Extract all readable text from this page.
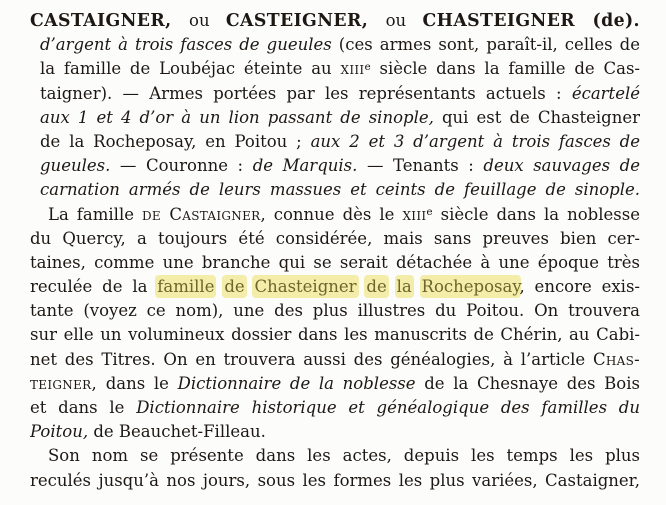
CASTAIGNER, ou CASTEIGNER, ou CHASTEIGNER (de).
d’argent à trois fasces de gueules (ces armes sont, paraît-il, celles de
la famille de Loubéjac éteinte au xiii$^e$ siècle dans la famille de Cas-
taigner). — Armes portées par les représentants actuels : écartelé
aux 1 et 4 d’or à un lion passant de sinople, qui est de Chasteigner
de la Rocheposay, en Poitou ; aux 2 et 3 d’argent à trois fasces de
gueules. — Couronne : de Marquis. — Tenants : deux sauvages de
carnation armés de leurs massues et ceints de feuillage de sinople.
La famille de Castaigner, connue dès le xiii$^e$ siècle dans la noblesse
du Quercy, a toujours été considérée, mais sans preuves bien cer-
taines, comme une branche qui se serait détachée à une époque très
reculée de la famille de Chasteigner de la Rocheposay, encore exis-
tante (voyez ce nom), une des plus illustres du Poitou. On trouvera
sur elle un volumineux dossier dans les manuscrits de Chérin, au Cabi-
net des Titres. On en trouvera aussi des généalogies, à l’article Chas-
teigner, dans le Dictionnaire de la noblesse de la Chesnaye des Bois
et dans le Dictionnaire historique et généalogique des familles du
Poitou, de Beauchet-Filleau.
Son nom se présente dans les actes, depuis les temps les plus
reculés jusqu’à nos jours, sous les formes les plus variées, Castaigner,
